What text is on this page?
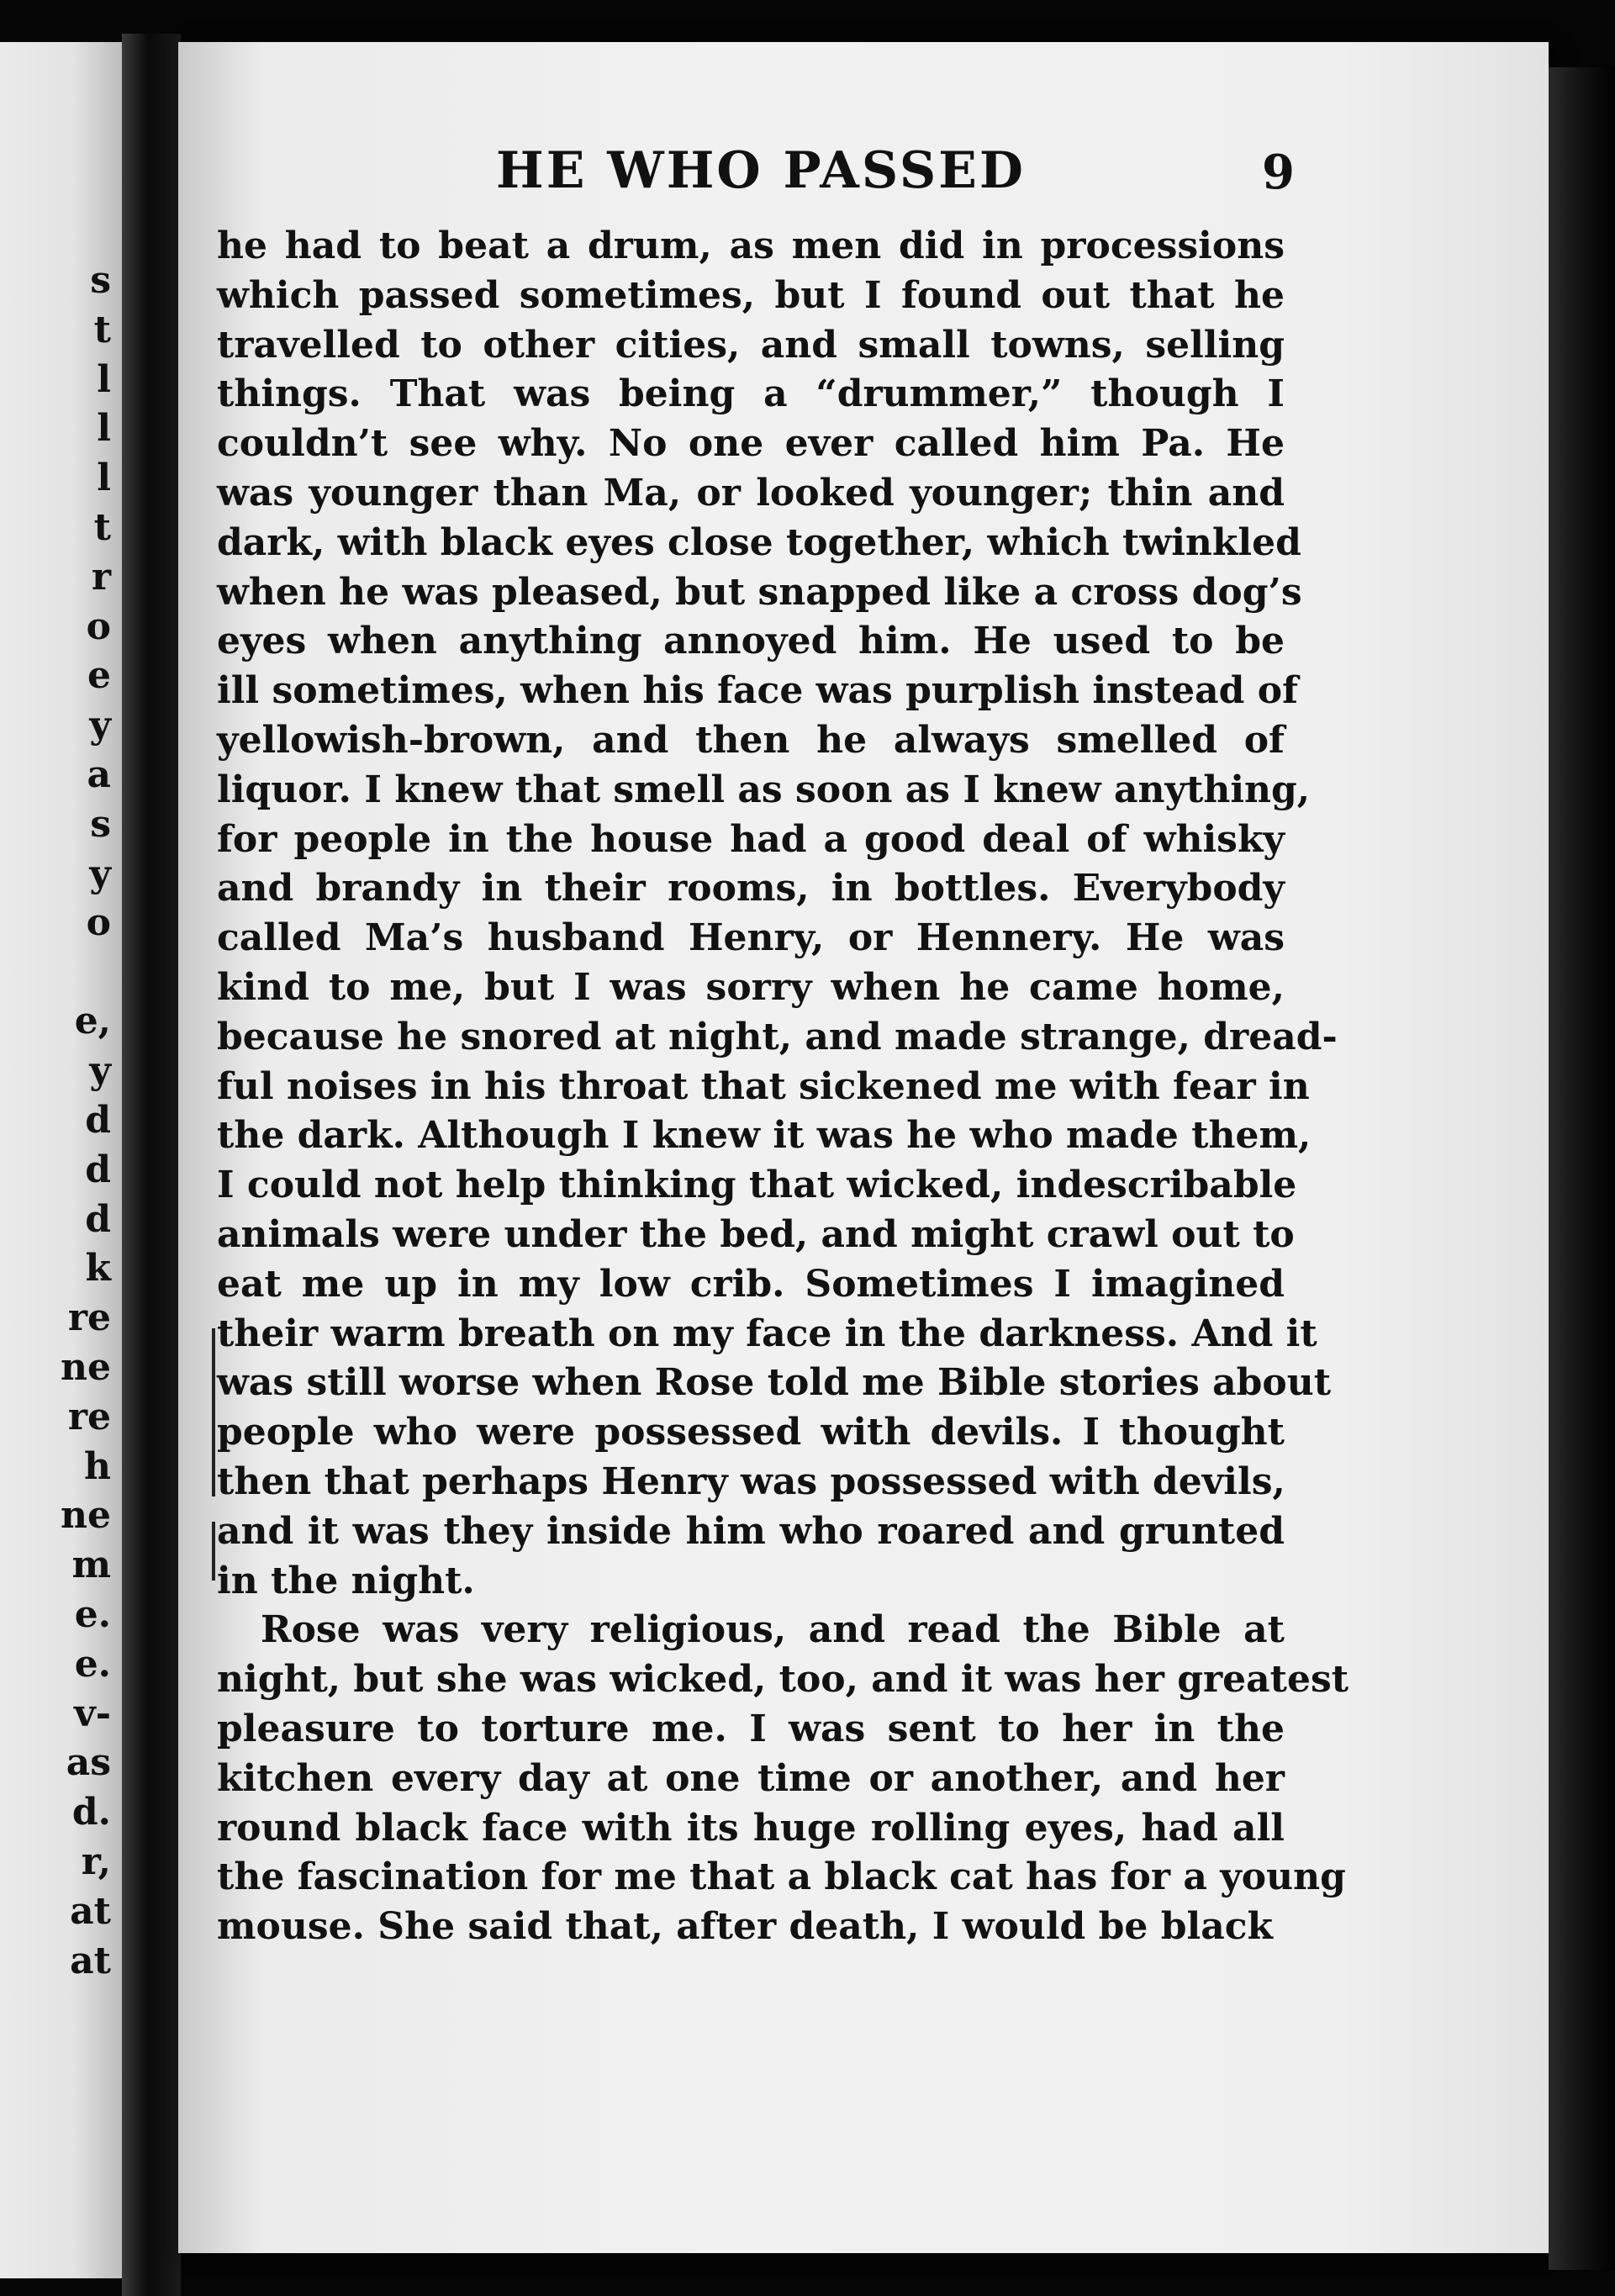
s
t
l
l
l
t
r
o
e
y
a
s
y
o
e,
y
d
d
d
k
re
ne
re
h
ne
m
e.
e.
v-
as
d.
r,
at
at
HE WHO PASSED	9

he had to beat a drum, as men did in processions
which passed sometimes, but I found out that he
travelled to other cities, and small towns, selling
things. That was being a “drummer,” though I
couldn’t see why. No one ever called him Pa. He
was younger than Ma, or looked younger; thin and
dark, with black eyes close together, which twinkled
when he was pleased, but snapped like a cross dog’s
eyes when anything annoyed him. He used to be
ill sometimes, when his face was purplish instead of
yellowish-brown, and then he always smelled of
liquor. I knew that smell as soon as I knew anything,
for people in the house had a good deal of whisky
and brandy in their rooms, in bottles. Everybody
called Ma’s husband Henry, or Hennery. He was
kind to me, but I was sorry when he came home,
because he snored at night, and made strange, dread-
ful noises in his throat that sickened me with fear in
the dark. Although I knew it was he who made them,
I could not help thinking that wicked, indescribable
animals were under the bed, and might crawl out to
eat me up in my low crib. Sometimes I imagined
their warm breath on my face in the darkness. And it
was still worse when Rose told me Bible stories about
people who were possessed with devils. I thought
then that perhaps Henry was possessed with devils,
and it was they inside him who roared and grunted
in the night.

Rose was very religious, and read the Bible at
night, but she was wicked, too, and it was her greatest
pleasure to torture me. I was sent to her in the
kitchen every day at one time or another, and her
round black face with its huge rolling eyes, had all
the fascination for me that a black cat has for a young
mouse. She said that, after death, I would be black
